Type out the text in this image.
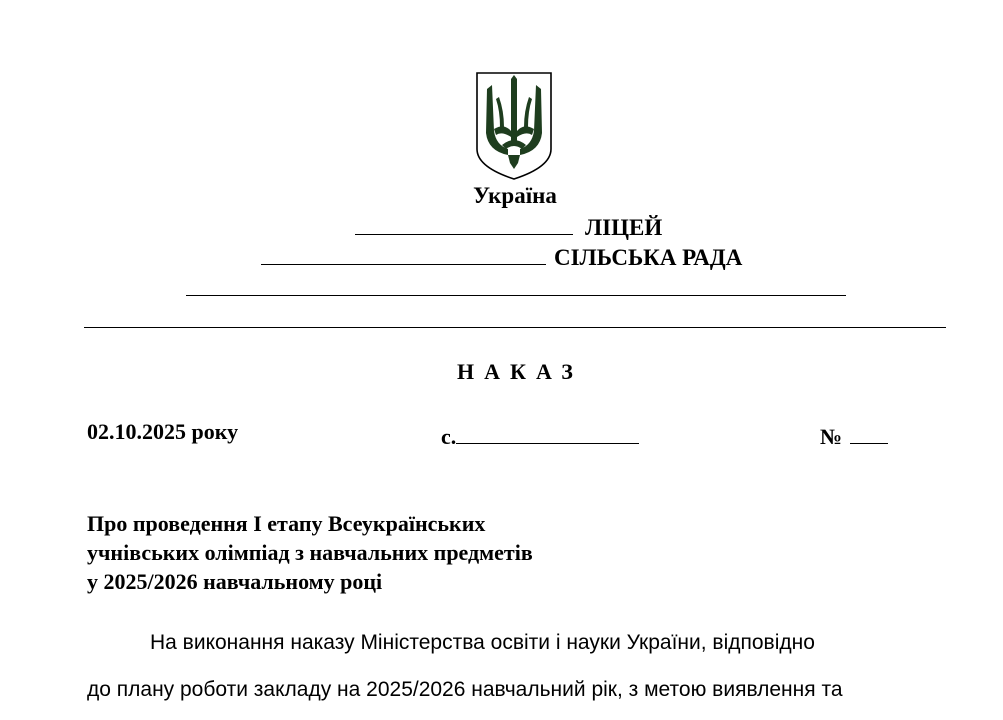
Україна
ЛІЦЕЙ
СІЛЬСЬКА РАДА
НАКАЗ
02.10.2025 року	с.	№
Про проведення І етапу Всеукраїнських
учнівських олімпіад з навчальних предметів
у 2025/2026 навчальному році
На виконання наказу Міністерства освіти і науки України, відповідно
до плану роботи закладу на 2025/2026 навчальний рік, з метою виявлення та
